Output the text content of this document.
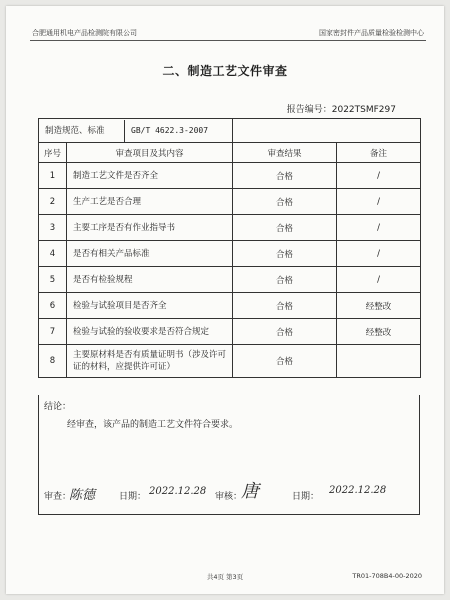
合肥通用机电产品检测院有限公司	国家密封件产品质量检验检测中心
二、制造工艺文件审查
报告编号：2022TSMF297
制造规范、标准 GB/T 4622.3-2007			
序号	审查项目及其内容	审查结果	备注
1	制造工艺文件是否齐全	合格	/
2	生产工艺是否合理	合格	/
3	主要工序是否有作业指导书	合格	/
4	是否有相关产品标准	合格	/
5	是否有检验规程	合格	/
6	检验与试验项目是否齐全	合格	经整改
7	检验与试验的验收要求是否符合规定	合格	经整改
8	主要原材料是否有质量证明书（涉及许可证的材料，应提供许可证）	合格	
结论：
经审查，该产品的制造工艺文件符合要求。
审查：
陈德	日期： 2022.12.28 审核：
唐	日期：
2022.12.28
共4页 第3页	TR01-708B4-00-2020
